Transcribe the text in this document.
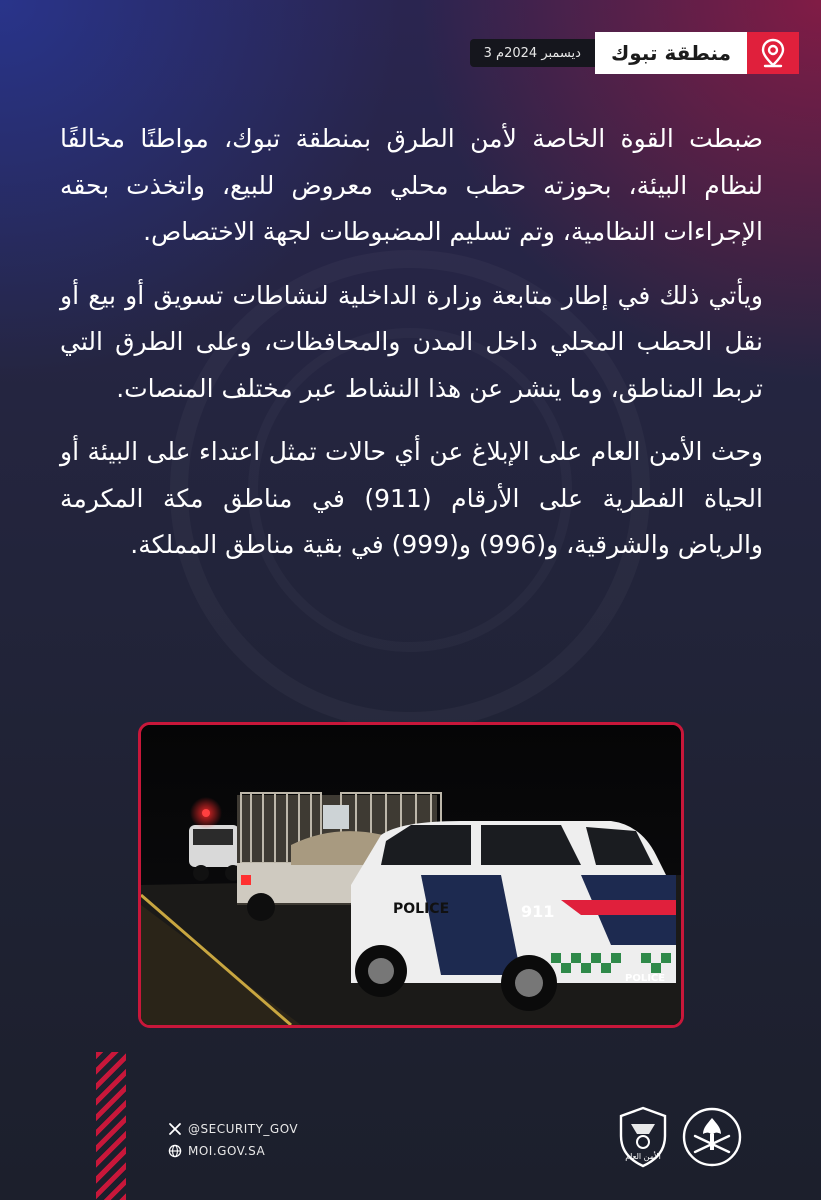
3 ديسمبر 2024م	منطقة تبوك

ضبطت القوة الخاصة لأمن الطرق بمنطقة تبوك، مواطنًا مخالفًا لنظام البيئة، بحوزته حطب محلي معروض للبيع، واتخذت بحقه الإجراءات النظامية، وتم تسليم المضبوطات لجهة الاختصاص.

ويأتي ذلك في إطار متابعة وزارة الداخلية لنشاطات تسويق أو بيع أو نقل الحطب المحلي داخل المدن والمحافظات، وعلى الطرق التي تربط المناطق، وما ينشر عن هذا النشاط عبر مختلف المنصات.

وحث الأمن العام على الإبلاغ عن أي حالات تمثل اعتداء على البيئة أو الحياة الفطرية على الأرقام (911) في مناطق مكة المكرمة والرياض والشرقية، و(996) و(999) في بقية مناطق المملكة.

POLICE	911
POLICE
@SECURITY_GOV
MOI.GOV.SA	الأمن العام
